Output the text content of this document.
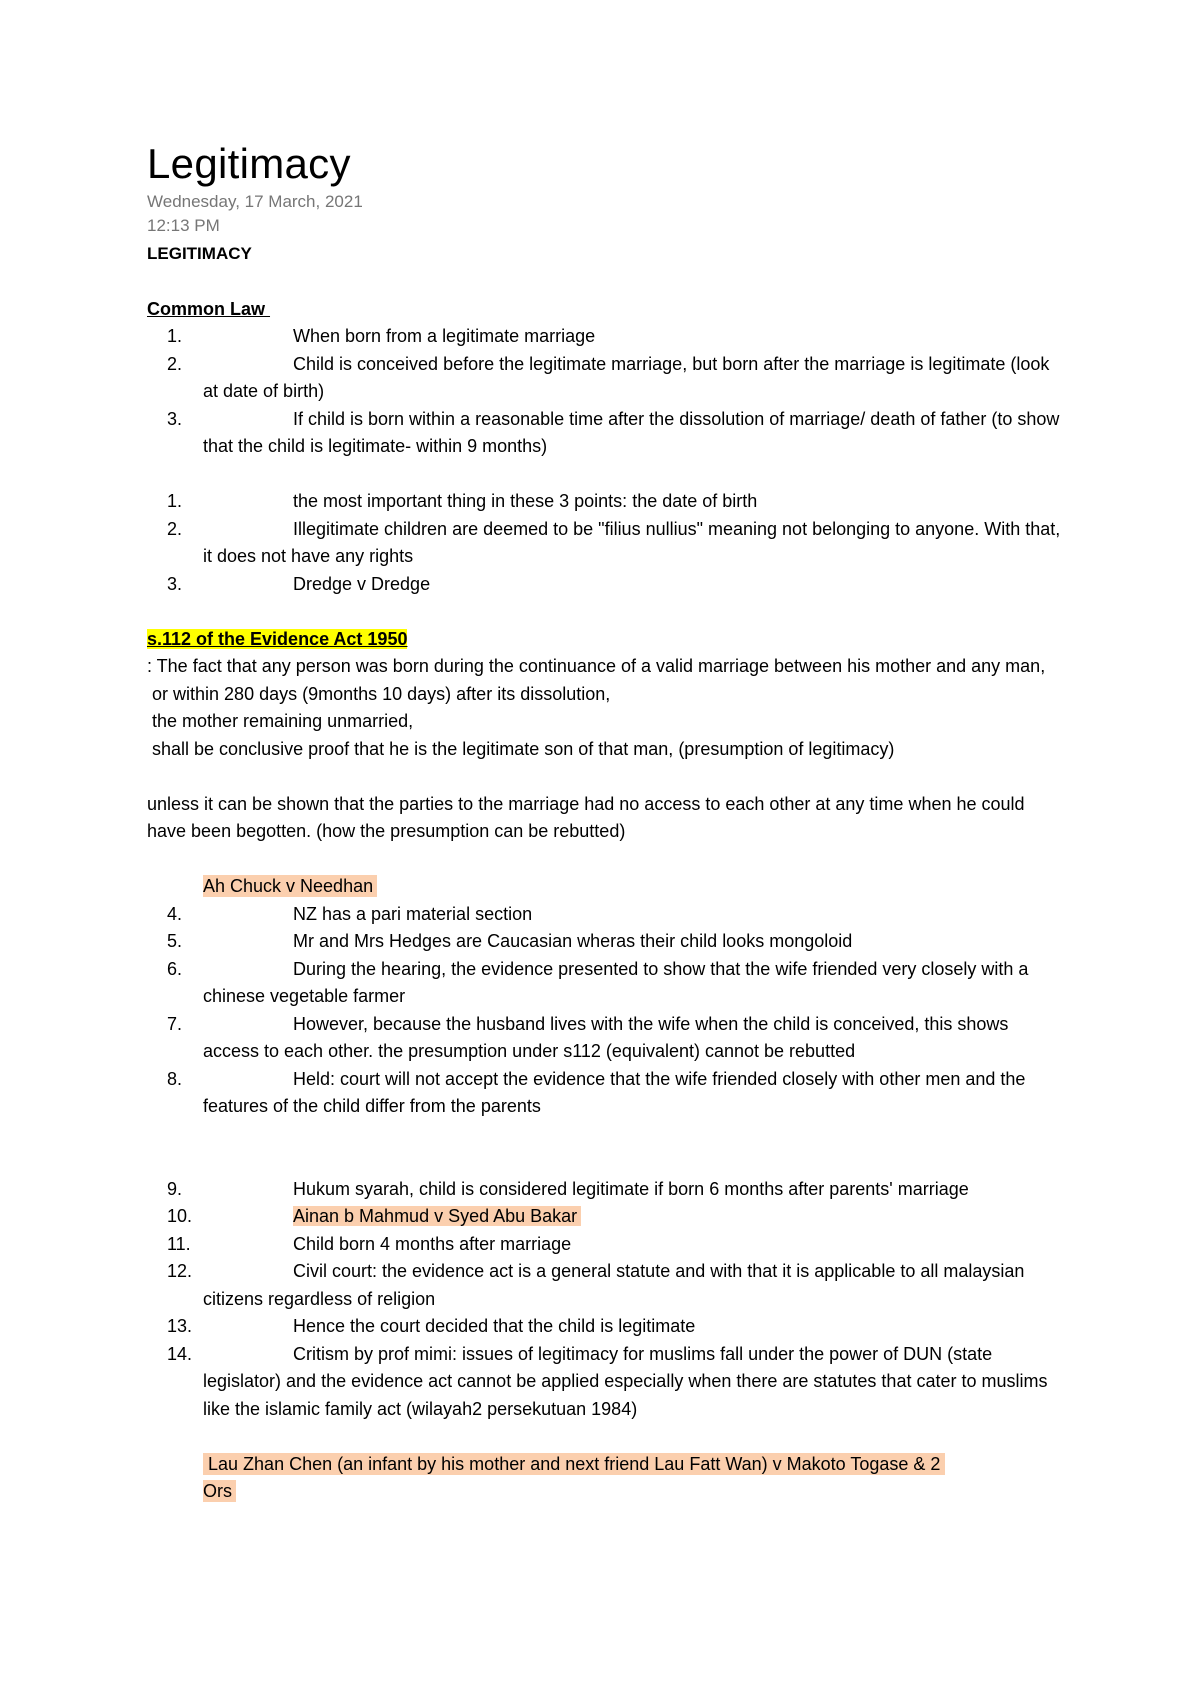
Legitimacy
Wednesday, 17 March, 2021
12:13 PM
LEGITIMACY
Common Law
1.	When born from a legitimate marriage
2.	Child is conceived before the legitimate marriage, but born after the marriage is legitimate (look at date of birth)
3.	If child is born within a reasonable time after the dissolution of marriage/ death of father (to show that the child is legitimate- within 9 months)
1.	the most important thing in these 3 points: the date of birth
2.	Illegitimate children are deemed to be "filius nullius" meaning not belonging to anyone. With that, it does not have any rights
3.	Dredge v Dredge
s.112 of the Evidence Act 1950
: The fact that any person was born during the continuance of a valid marriage between his mother and any man,
or within 280 days (9months 10 days) after its dissolution,
the mother remaining unmarried,
shall be conclusive proof that he is the legitimate son of that man, (presumption of legitimacy)
unless it can be shown that the parties to the marriage had no access to each other at any time when he could have been begotten. (how the presumption can be rebutted)
Ah Chuck v Needhan
4.	NZ has a pari material section
5.	Mr and Mrs Hedges are Caucasian wheras their child looks mongoloid
6.	During the hearing, the evidence presented to show that the wife friended very closely with a chinese vegetable farmer
7.	However, because the husband lives with the wife when the child is conceived, this shows access to each other. the presumption under s112 (equivalent) cannot be rebutted
8.	Held: court will not accept the evidence that the wife friended closely with other men and the features of the child differ from the parents
9.	Hukum syarah, child is considered legitimate if born 6 months after parents' marriage
10.	Ainan b Mahmud v Syed Abu Bakar
11.	Child born 4 months after marriage
12.	Civil court: the evidence act is a general statute and with that it is applicable to all malaysian citizens regardless of religion
13.	Hence the court decided that the child is legitimate
14.	Critism by prof mimi: issues of legitimacy for muslims fall under the power of DUN (state legislator) and the evidence act cannot be applied especially when there are statutes that cater to muslims like the islamic family act (wilayah2 persekutuan 1984)
Lau Zhan Chen (an infant by his mother and next friend Lau Fatt Wan) v Makoto Togase & 2 Ors
